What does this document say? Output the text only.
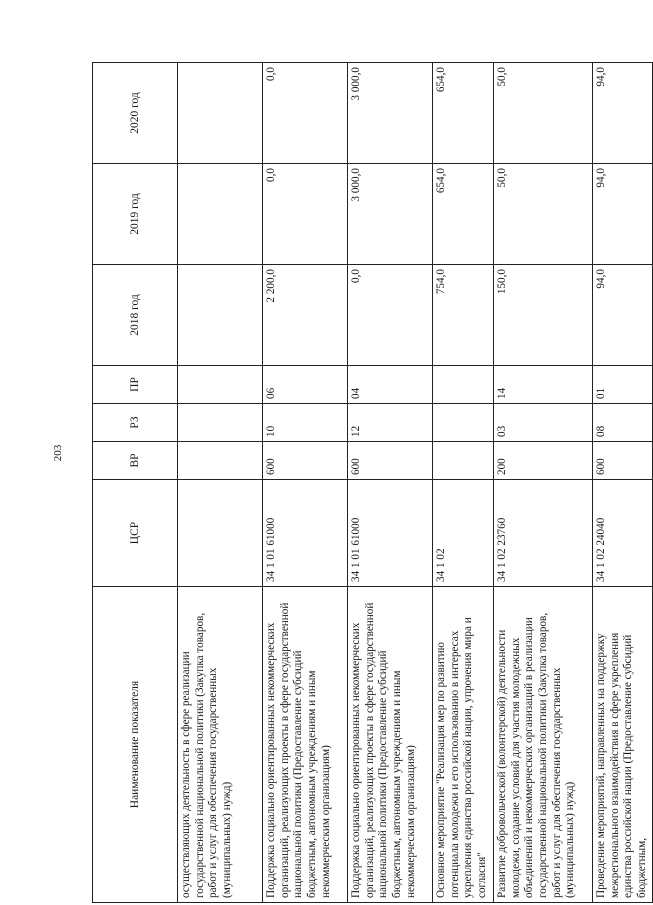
203
Наименование показателя	ЦСР	ВР	РЗ	ПР	2018 год	2019 год	2020 год
осуществляющих деятельность в сфере реализации государственной национальной политики (Закупка товаров, работ и услуг для обеспечения государственных (муниципальных) нужд)							
Поддержка социально ориентированных некоммерческих организаций, реализующих проекты в сфере государственной национальной политики (Предоставление субсидий бюджетным, автономным учреждениям и иным некоммерческим организациям)	34 1 01 61000	600	10	06	2 200,0	0,0	0,0
Поддержка социально ориентированных некоммерческих организаций, реализующих проекты в сфере государственной национальной политики (Предоставление субсидий бюджетным, автономным учреждениям и иным некоммерческим организациям)	34 1 01 61000	600	12	04	0,0	3 000,0	3 000,0
Основное мероприятие "Реализация мер по развитию потенциала молодежи и его использованию в интересах укрепления единства российской нации, упрочения мира и согласия"	34 1 02				754,0	654,0	654,0
Развитие добровольческой (волонтерской) деятельности молодежи, создание условий для участия молодежных объединений и некоммерческих организаций в реализации государственной национальной политики (Закупка товаров, работ и услуг для обеспечения государственных (муниципальных) нужд)	34 1 02 23760	200	03	14	150,0	50,0	50,0
Проведение мероприятий, направленных на поддержку межрегионального взаимодействия в сфере укрепления единства российской нации (Предоставление субсидий бюджетным,	34 1 02 24040	600	08	01	94,0	94,0	94,0
